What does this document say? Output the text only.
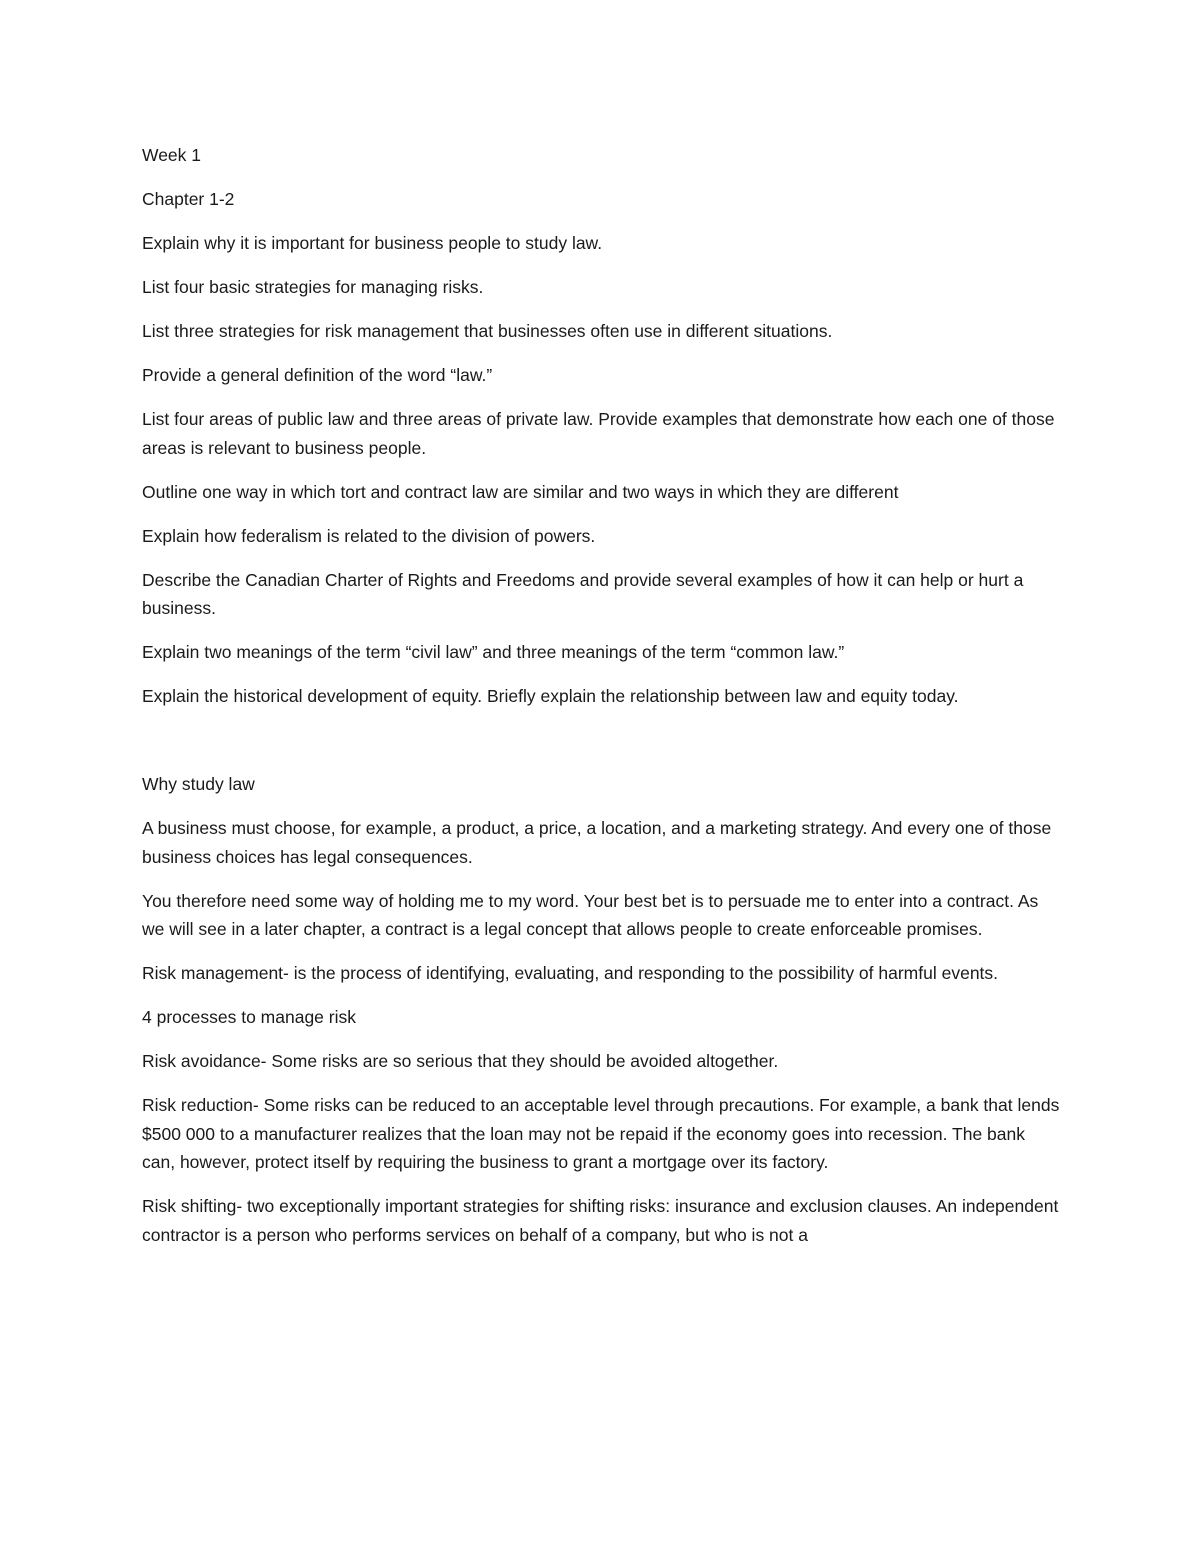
Week 1

Chapter 1-2

Explain why it is important for business people to study law.

List four basic strategies for managing risks.

List three strategies for risk management that businesses often use in different situations.

Provide a general definition of the word “law.”

List four areas of public law and three areas of private law. Provide examples that demonstrate how each one of those areas is relevant to business people.

Outline one way in which tort and contract law are similar and two ways in which they are different

Explain how federalism is related to the division of powers.

Describe the Canadian Charter of Rights and Freedoms and provide several examples of how it can help or hurt a business.

Explain two meanings of the term “civil law” and three meanings of the term “common law.”

Explain the historical development of equity. Briefly explain the relationship between law and equity today.

Why study law

A business must choose, for example, a product, a price, a location, and a marketing strategy. And every one of those business choices has legal consequences.

You therefore need some way of holding me to my word. Your best bet is to persuade me to enter into a contract. As we will see in a later chapter, a contract is a legal concept that allows people to create enforceable promises.

Risk management- is the process of identifying, evaluating, and responding to the possibility of harmful events.

4 processes to manage risk

Risk avoidance- Some risks are so serious that they should be avoided altogether.

Risk reduction- Some risks can be reduced to an acceptable level through precautions. For example, a bank that lends $500 000 to a manufacturer realizes that the loan may not be repaid if the economy goes into recession. The bank can, however, protect itself by requiring the business to grant a mortgage over its factory.

Risk shifting- two exceptionally important strategies for shifting risks: insurance and exclusion clauses. An independent contractor is a person who performs services on behalf of a company, but who is not a
